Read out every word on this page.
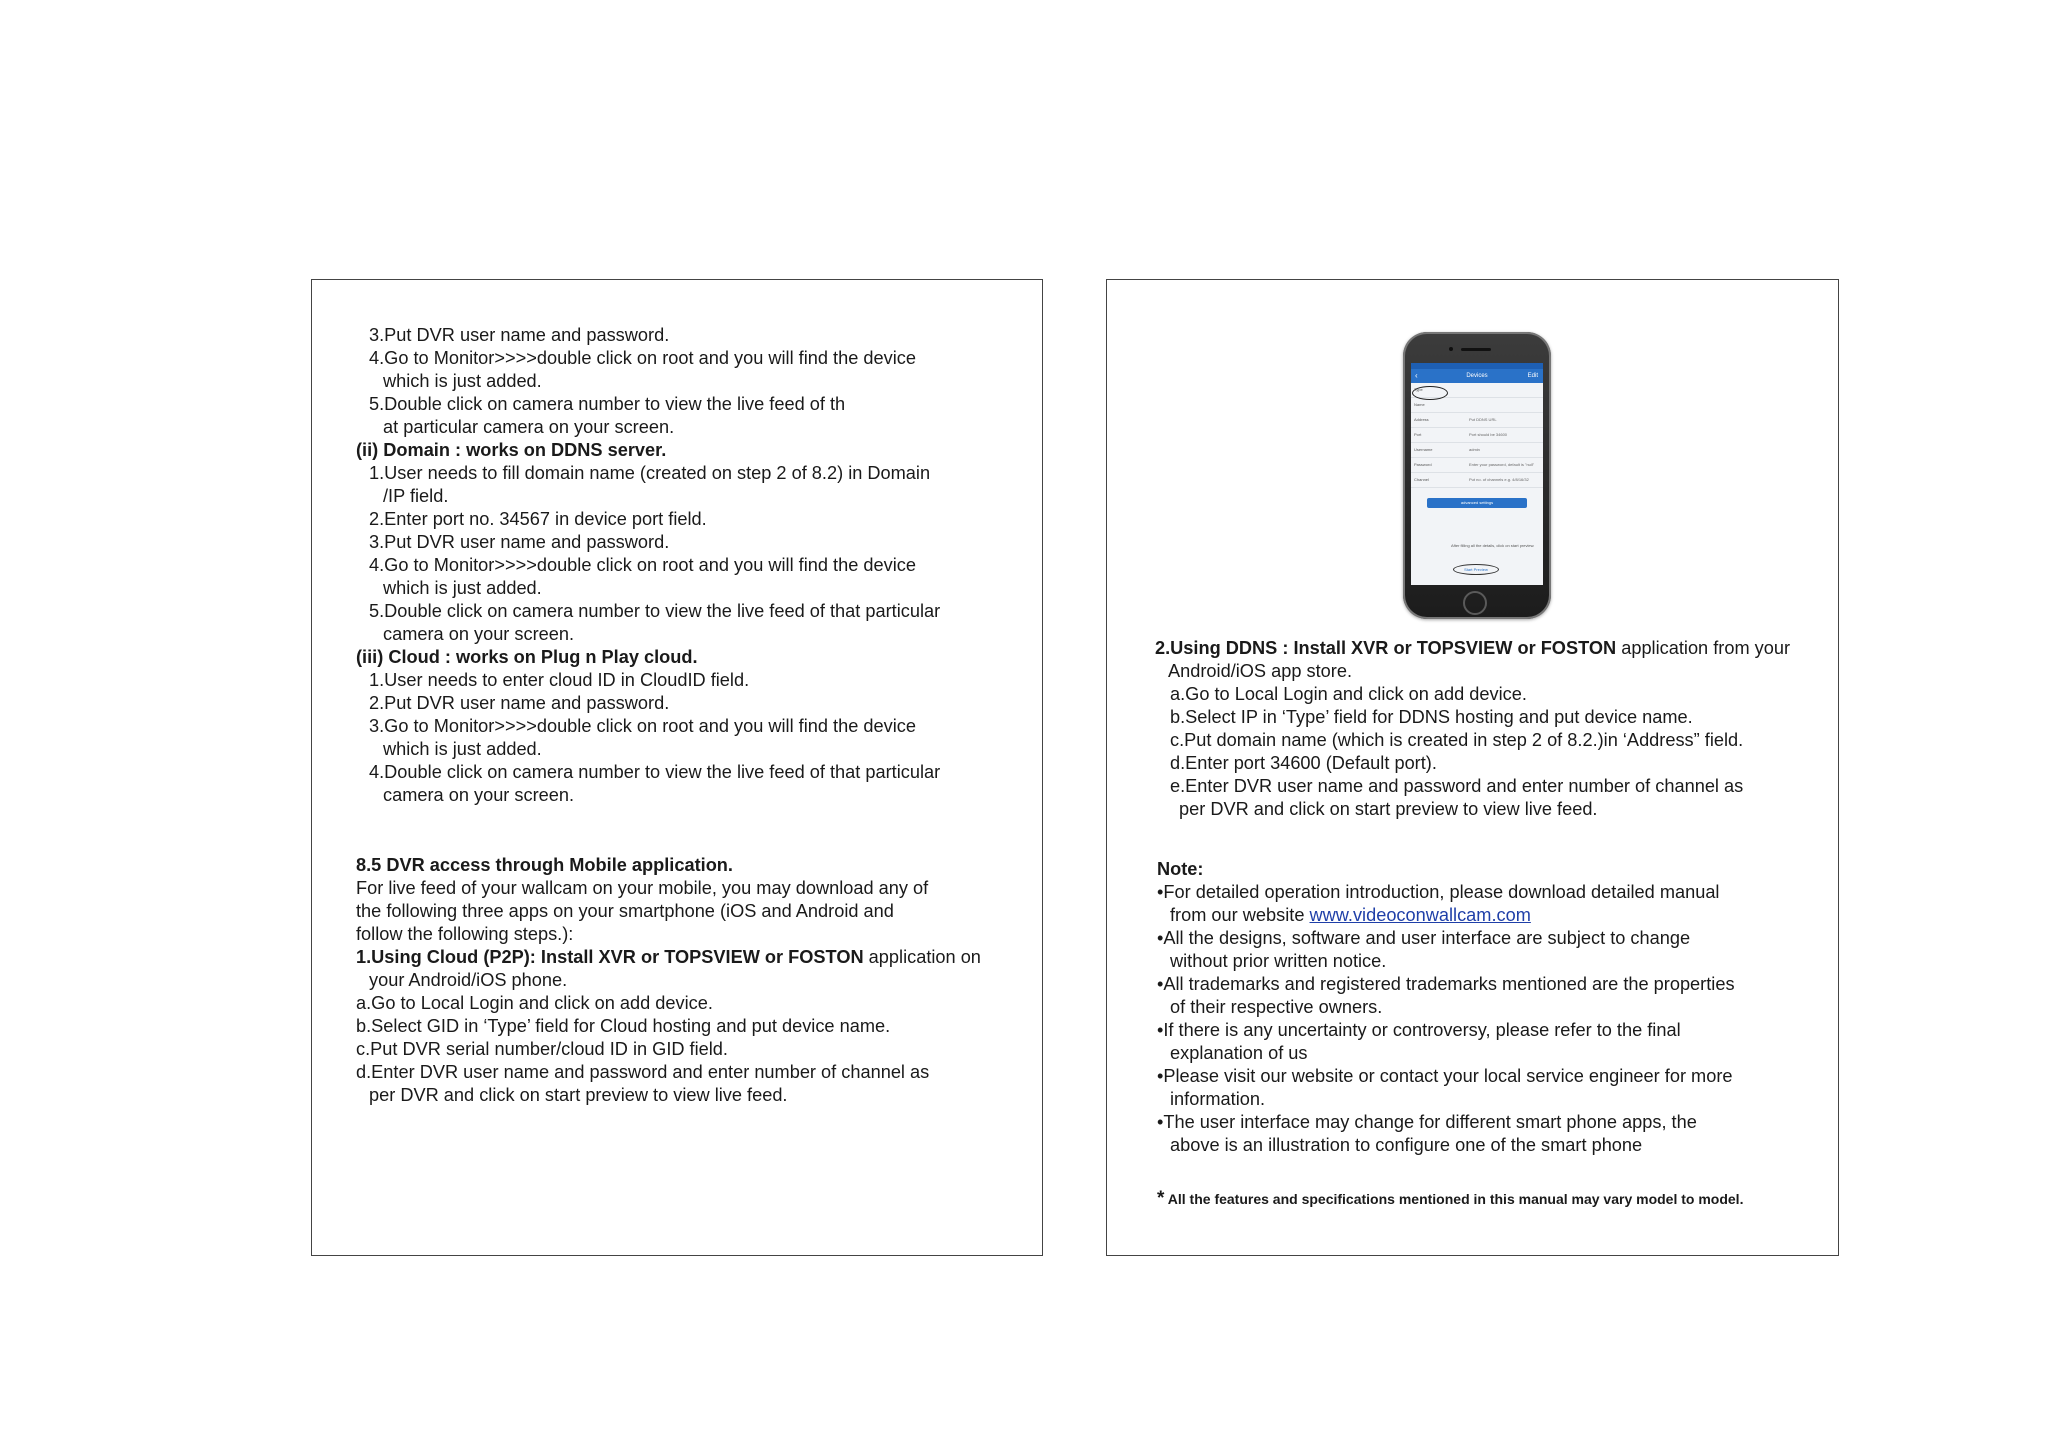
3.Put DVR user name and password.
4.Go to Monitor>>>>double click on root and you will find the device
which is just added.
5.Double click on camera number to view the live feed of th
at particular camera on your screen.
(ii) Domain : works on DDNS server.
1.User needs to fill domain name (created on step 2 of 8.2) in Domain
/IP field.
2.Enter port no. 34567 in device port field.
3.Put DVR user name and password.
4.Go to Monitor>>>>double click on root and you will find the device
which is just added.
5.Double click on camera number to view the live feed of that particular
camera on your screen.
(iii) Cloud : works on Plug n Play cloud.
1.User needs to enter cloud ID in CloudID field.
2.Put DVR user name and password.
3.Go to Monitor>>>>double click on root and you will find the device
which is just added.
4.Double click on camera number to view the live feed of that particular
camera on your screen.
8.5 DVR access through Mobile application.
For live feed of your wallcam on your mobile, you may download any of
the following three apps on your smartphone (iOS and Android and
follow the following steps.):
1.Using Cloud (P2P): Install XVR or TOPSVIEW or FOSTON application on
your Android/iOS phone.
a.Go to Local Login and click on add device.
b.Select GID in ‘Type’ field for Cloud hosting and put device name.
c.Put DVR serial number/cloud ID in GID field.
d.Enter DVR user name and password and enter number of channel as
per DVR and click on start preview to view live feed.
‹	Devices	Edit
Type
Name
Address	Put DDNS URL
Port	Port should be 34600
Username	admin
Password	Enter your password, default is "null"
Channel	Put no. of channels e.g. 4/8/16/32
advanced settings
After filling all the details, click on start preview.
Start Preview
2.Using DDNS : Install XVR or TOPSVIEW or FOSTON application from your
Android/iOS app store.
a.Go to Local Login and click on add device.
b.Select IP in ‘Type’ field for DDNS hosting and put device name.
c.Put domain name (which is created in step 2 of 8.2.)in ‘Address” field.
d.Enter port 34600 (Default port).
e.Enter DVR user name and password and enter number of channel as
per DVR and click on start preview to view live feed.
Note:
•For detailed operation introduction, please download detailed manual
from our website www.videoconwallcam.com
•All the designs, software and user interface are subject to change
without prior written notice.
•All trademarks and registered trademarks mentioned are the properties
of their respective owners.
•If there is any uncertainty or controversy, please refer to the final
explanation of us
•Please visit our website or contact your local service engineer for more
information.
•The user interface may change for different smart phone apps, the
above is an illustration to configure one of the smart phone
* All the features and specifications mentioned in this manual may vary model to model.
